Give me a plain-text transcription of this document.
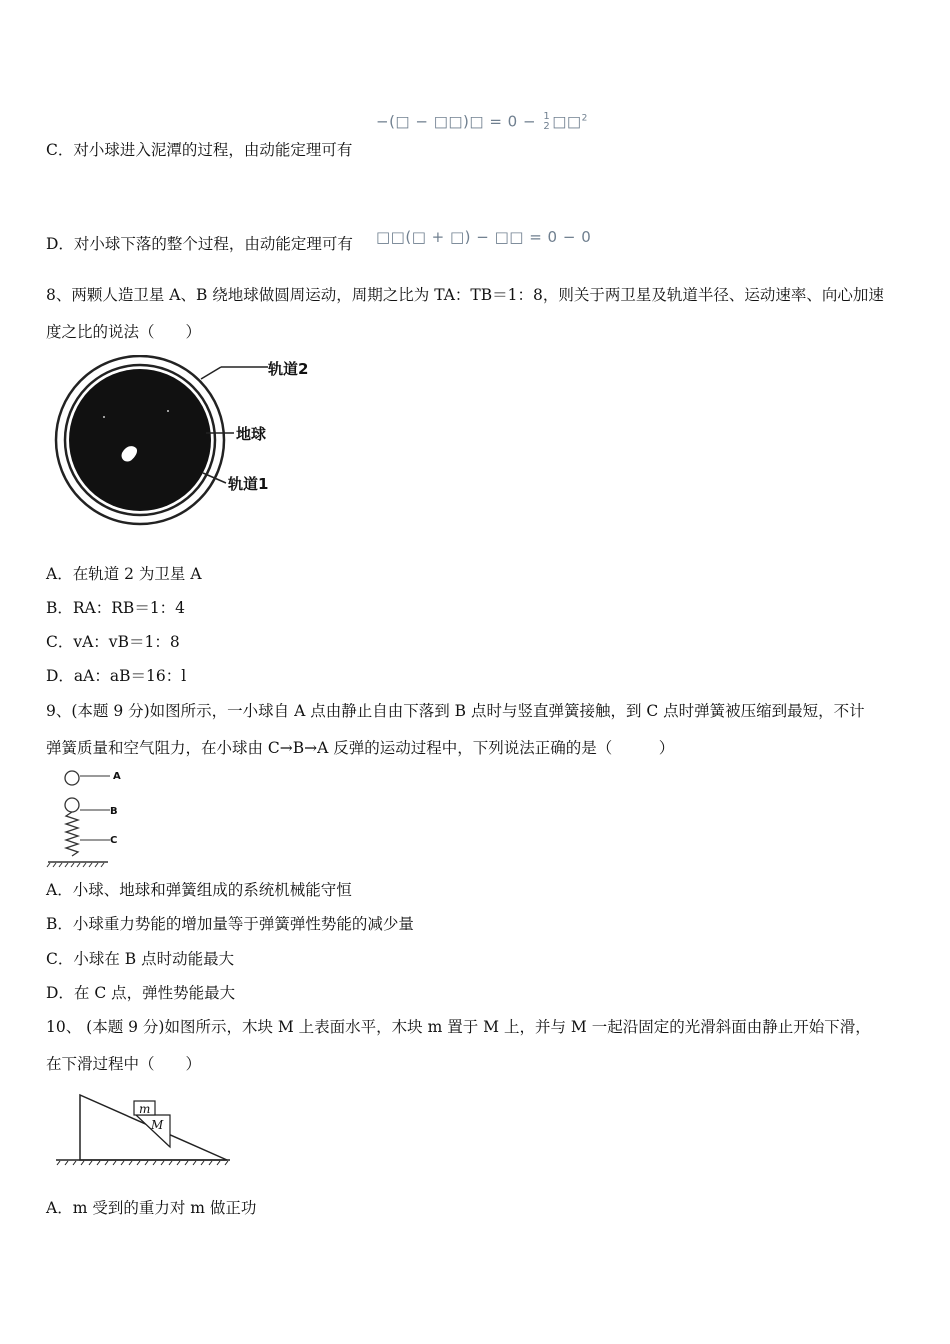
−(□ − □□)□ = 0 − 1
2 □□$^2$
C．对小球进入泥潭的过程，由动能定理可有
D．对小球下落的整个过程，由动能定理可有 □□(□ + □) − □□ = 0 − 0
8、两颗人造卫星 A、B 绕地球做圆周运动，周期之比为 TA：TB＝1：8，则关于两卫星及轨道半径、运动速率、向心加速
度之比的说法（　　）
轨道2
地球
轨道1
A．在轨道 2 为卫星 A
B．RA：RB＝1：4
C．vA：vB＝1：8
D．aA：aB＝16：l
9、(本题 9 分)如图所示，一小球自 A 点由静止自由下落到 B 点时与竖直弹簧接触，到 C 点时弹簧被压缩到最短，不计
弹簧质量和空气阻力，在小球由 C→B→A 反弹的运动过程中，下列说法正确的是（　　　）
A
B
C
A．小球、地球和弹簧组成的系统机械能守恒
B．小球重力势能的增加量等于弹簧弹性势能的减少量
C．小球在 B 点时动能最大
D．在 C 点，弹性势能最大
10、 (本题 9 分)如图所示，木块 M 上表面水平，木块 m 置于 M 上，并与 M 一起沿固定的光滑斜面由静止开始下滑，
在下滑过程中（　　）
m
M
A．m 受到的重力对 m 做正功
